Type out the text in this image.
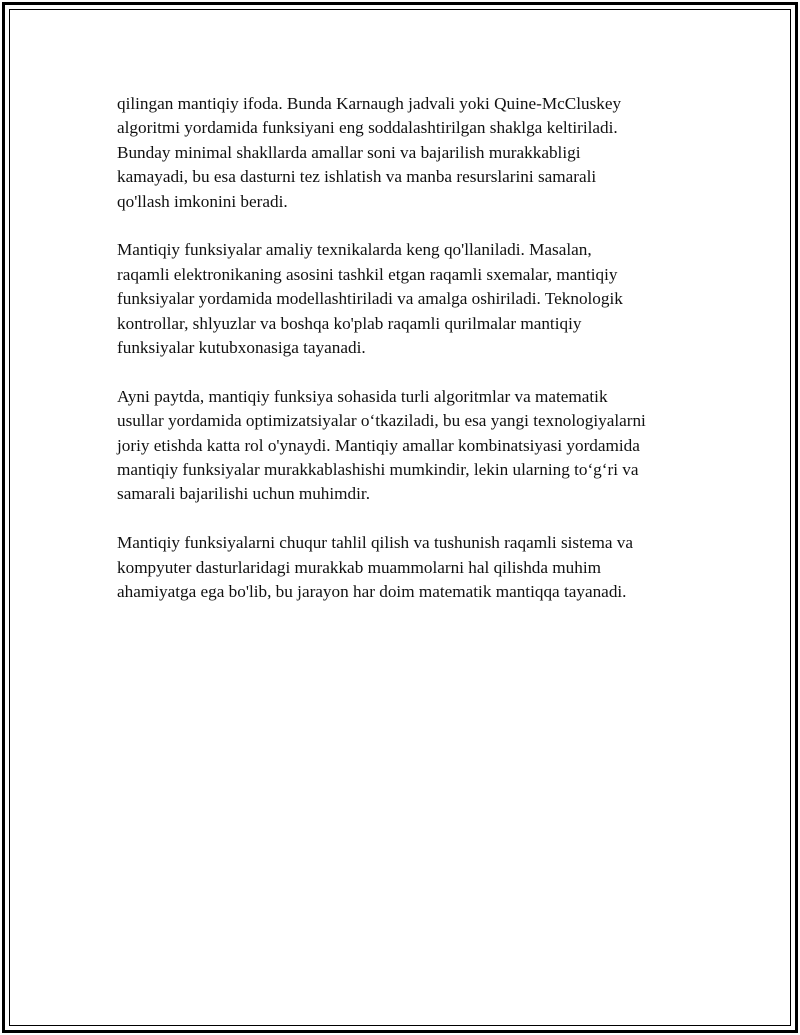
qilingan mantiqiy ifoda. Bunda Karnaugh jadvali yoki Quine-McCluskey
algoritmi yordamida funksiyani eng soddalashtirilgan shaklga keltiriladi.
Bunday minimal shakllarda amallar soni va bajarilish murakkabligi
kamayadi, bu esa dasturni tez ishlatish va manba resurslarini samarali
qo'llash imkonini beradi.

Mantiqiy funksiyalar amaliy texnikalarda keng qo'llaniladi. Masalan,
raqamli elektronikaning asosini tashkil etgan raqamli sxemalar, mantiqiy
funksiyalar yordamida modellashtiriladi va amalga oshiriladi. Teknologik
kontrollar, shlyuzlar va boshqa ko'plab raqamli qurilmalar mantiqiy
funksiyalar kutubxonasiga tayanadi.

Ayni paytda, mantiqiy funksiya sohasida turli algoritmlar va matematik
usullar yordamida optimizatsiyalar o‘tkaziladi, bu esa yangi texnologiyalarni
joriy etishda katta rol o'ynaydi. Mantiqiy amallar kombinatsiyasi yordamida
mantiqiy funksiyalar murakkablashishi mumkindir, lekin ularning to‘g‘ri va
samarali bajarilishi uchun muhimdir.

Mantiqiy funksiyalarni chuqur tahlil qilish va tushunish raqamli sistema va
kompyuter dasturlaridagi murakkab muammolarni hal qilishda muhim
ahamiyatga ega bo'lib, bu jarayon har doim matematik mantiqqa tayanadi.
